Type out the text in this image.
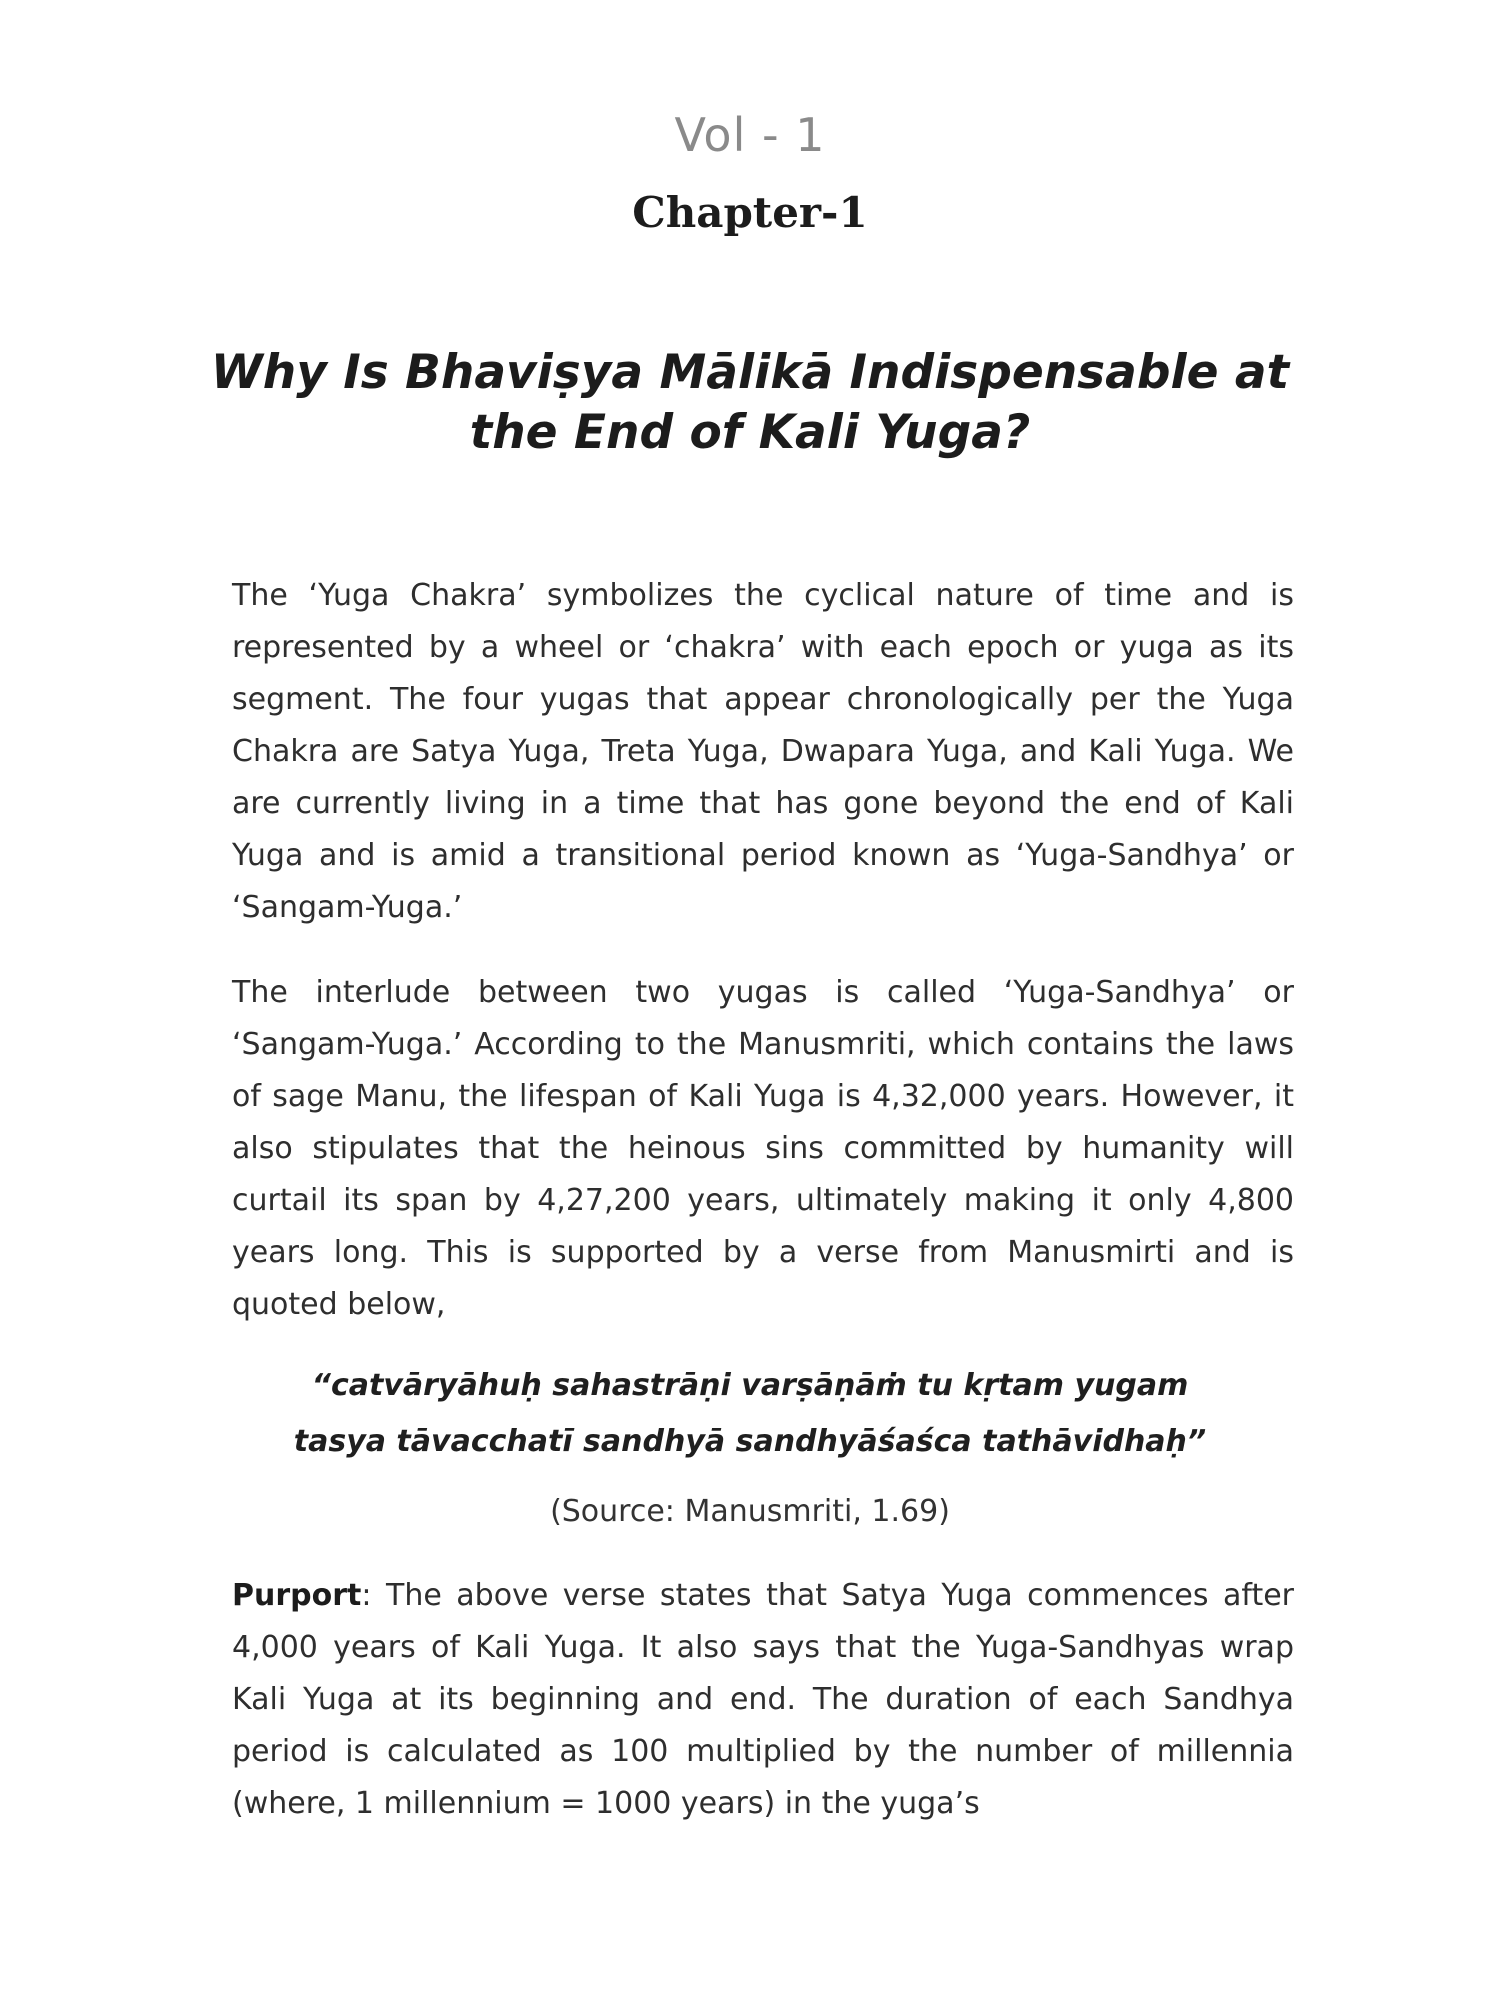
Vol - 1
Chapter-1
Why Is Bhaviṣya Mālikā Indispensable at
the End of Kali Yuga?

The ‘Yuga Chakra’ symbolizes the cyclical nature of time and is represented by a wheel or ‘chakra’ with each epoch or yuga as its segment. The four yugas that appear chronologically per the Yuga Chakra are Satya Yuga, Treta Yuga, Dwapara Yuga, and Kali Yuga. We are currently living in a time that has gone beyond the end of Kali Yuga and is amid a transitional period known as ‘Yuga-Sandhya’ or ‘Sangam-Yuga.’

The interlude between two yugas is called ‘Yuga-Sandhya’ or ‘Sangam-Yuga.’ According to the Manusmriti, which contains the laws of sage Manu, the lifespan of Kali Yuga is 4,32,000 years. However, it also stipulates that the heinous sins committed by humanity will curtail its span by 4,27,200 years, ultimately making it only 4,800 years long. This is supported by a verse from Manusmirti and is quoted below,

“catvāryāhuḥ sahastrāṇi varṣāṇāṁ tu kṛtam yugam
tasya tāvacchatī sandhyā sandhyāśaśca tathāvidhaḥ”
(Source: Manusmriti, 1.69)

Purport: The above verse states that Satya Yuga commences after 4,000 years of Kali Yuga. It also says that the Yuga-Sandhyas wrap Kali Yuga at its beginning and end. The duration of each Sandhya period is calculated as 100 multiplied by the number of millennia (where, 1 millennium = 1000 years) in the yuga’s
